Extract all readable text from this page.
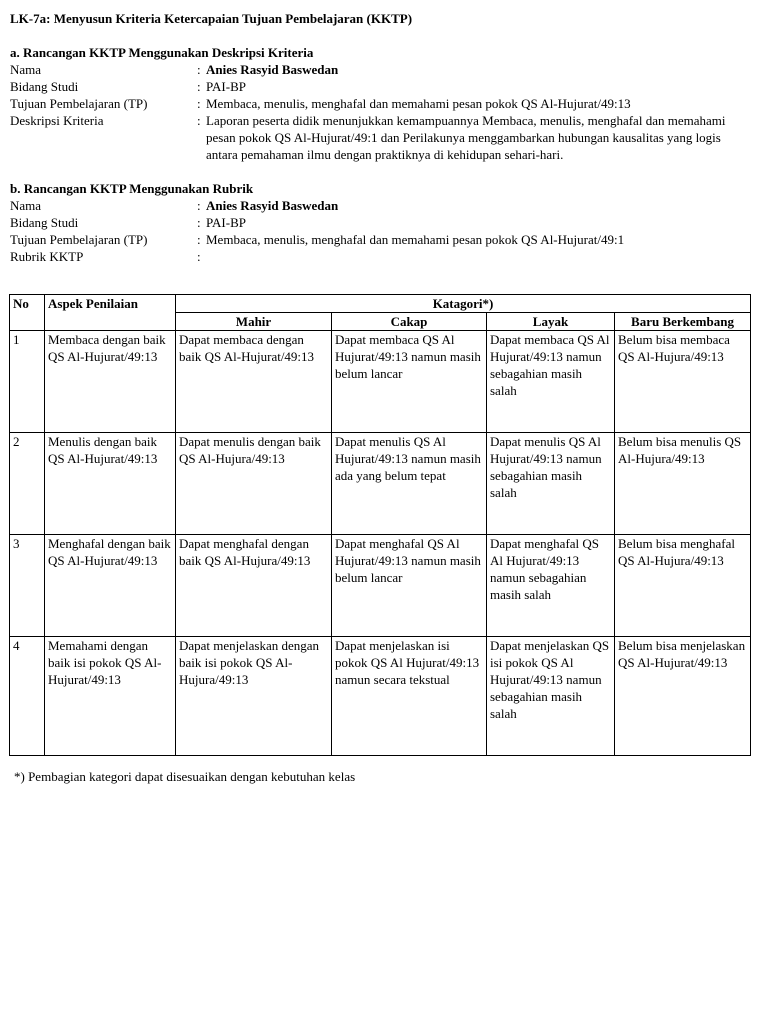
LK-7a: Menyusun Kriteria Ketercapaian Tujuan Pembelajaran (KKTP)
a. Rancangan KKTP Menggunakan Deskripsi Kriteria
Nama	: Anies Rasyid Baswedan
Bidang Studi	: PAI-BP
Tujuan Pembelajaran (TP)	: Membaca, menulis, menghafal dan memahami pesan pokok QS Al-Hujurat/49:13
Deskripsi Kriteria	: Laporan peserta didik menunjukkan kemampuannya Membaca, menulis, menghafal dan memahami pesan pokok QS Al-Hujurat/49:1 dan Perilakunya menggambarkan hubungan kausalitas yang logis antara pemahaman ilmu dengan praktiknya di kehidupan sehari-hari.
b. Rancangan KKTP Menggunakan Rubrik
Nama	: Anies Rasyid Baswedan
Bidang Studi	: PAI-BP
Tujuan Pembelajaran (TP)	: Membaca, menulis, menghafal dan memahami pesan pokok QS Al-Hujurat/49:1
Rubrik KKTP	:
No	Aspek Penilaian	Katagori*)			
		Mahir	Cakap	Layak	Baru Berkembang
1	Membaca dengan baik QS Al-Hujurat/49:13	Dapat membaca dengan baik QS Al-Hujurat/49:13	Dapat membaca QS Al Hujurat/49:13 namun masih belum lancar	Dapat membaca QS Al Hujurat/49:13 namun sebagahian masih salah	Belum bisa membaca QS Al-Hujura/49:13
2	Menulis dengan baik QS Al-Hujurat/49:13	Dapat menulis dengan baik QS Al-Hujura/49:13	Dapat menulis QS Al Hujurat/49:13 namun masih ada yang belum tepat	Dapat menulis QS Al Hujurat/49:13 namun sebagahian masih salah	Belum bisa menulis QS Al-Hujura/49:13
3	Menghafal dengan baik QS Al-Hujurat/49:13	Dapat menghafal dengan baik QS Al-Hujura/49:13	Dapat menghafal QS Al Hujurat/49:13 namun masih belum lancar	Dapat menghafal QS Al Hujurat/49:13 namun sebagahian masih salah	Belum bisa menghafal QS Al-Hujura/49:13
4	Memahami dengan baik isi pokok QS Al-Hujurat/49:13	Dapat menjelaskan dengan baik isi pokok QS Al-Hujura/49:13	Dapat menjelaskan isi pokok QS Al Hujurat/49:13 namun secara tekstual	Dapat menjelaskan QS isi pokok QS Al Hujurat/49:13 namun sebagahian masih salah	Belum bisa menjelaskan QS Al-Hujurat/49:13
*) Pembagian kategori dapat disesuaikan dengan kebutuhan kelas
